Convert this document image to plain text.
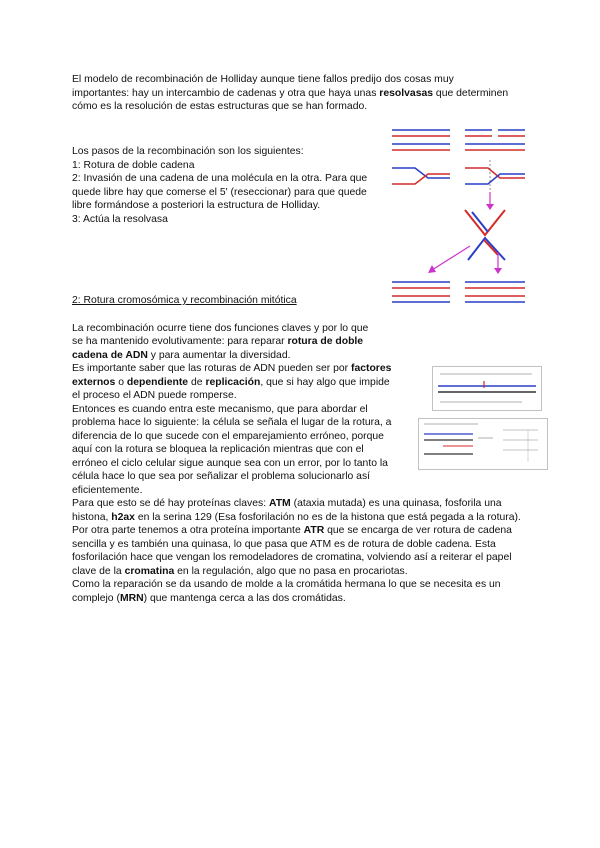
El modelo de recombinación de Holliday aunque tiene fallos predijo dos cosas muy importantes: hay un intercambio de cadenas y otra que haya unas resolvasas que determinen cómo es la resolución de estas estructuras que se han formado.

Los pasos de la recombinación son los siguientes:

1: Rotura de doble cadena

2: Invasión de una cadena de una molécula en la otra. Para que quede libre hay que comerse el 5' (reseccionar) para que quede libre formándose a posteriori la estructura de Holliday.

3: Actúa la resolvasa

2: Rotura cromosómica y recombinación mitótica

La recombinación ocurre tiene dos funciones claves y por lo que se ha mantenido evolutivamente: para reparar rotura de doble cadena de ADN y para aumentar la diversidad.

Es importante saber que las roturas de ADN pueden ser por factores externos o dependiente de replicación, que si hay algo que impide el proceso el ADN puede romperse.

Entonces es cuando entra este mecanismo, que para abordar el problema hace lo siguiente: la célula se señala el lugar de la rotura, a diferencia de lo que sucede con el emparejamiento erróneo, porque aquí con la rotura se bloquea la replicación mientras que con el erróneo el ciclo celular sigue aunque sea con un error, por lo tanto la célula hace lo que sea por señalizar el problema solucionarlo así eficientemente.

Para que esto se dé hay proteínas claves: ATM (ataxia mutada) es una quinasa, fosforila una histona, h2ax en la serina 129 (Esa fosforilación no es de la histona que está pegada a la rotura). Por otra parte tenemos a otra proteína importante ATR que se encarga de ver rotura de cadena sencilla y es también una quinasa, lo que pasa que ATM es de rotura de doble cadena. Esta fosforilación hace que vengan los remodeladores de cromatina, volviendo así a reiterar el papel clave de la cromatina en la regulación, algo que no pasa en procariotas.

Como la reparación se da usando de molde a la cromátida hermana lo que se necesita es un complejo (MRN) que mantenga cerca a las dos cromátidas.
